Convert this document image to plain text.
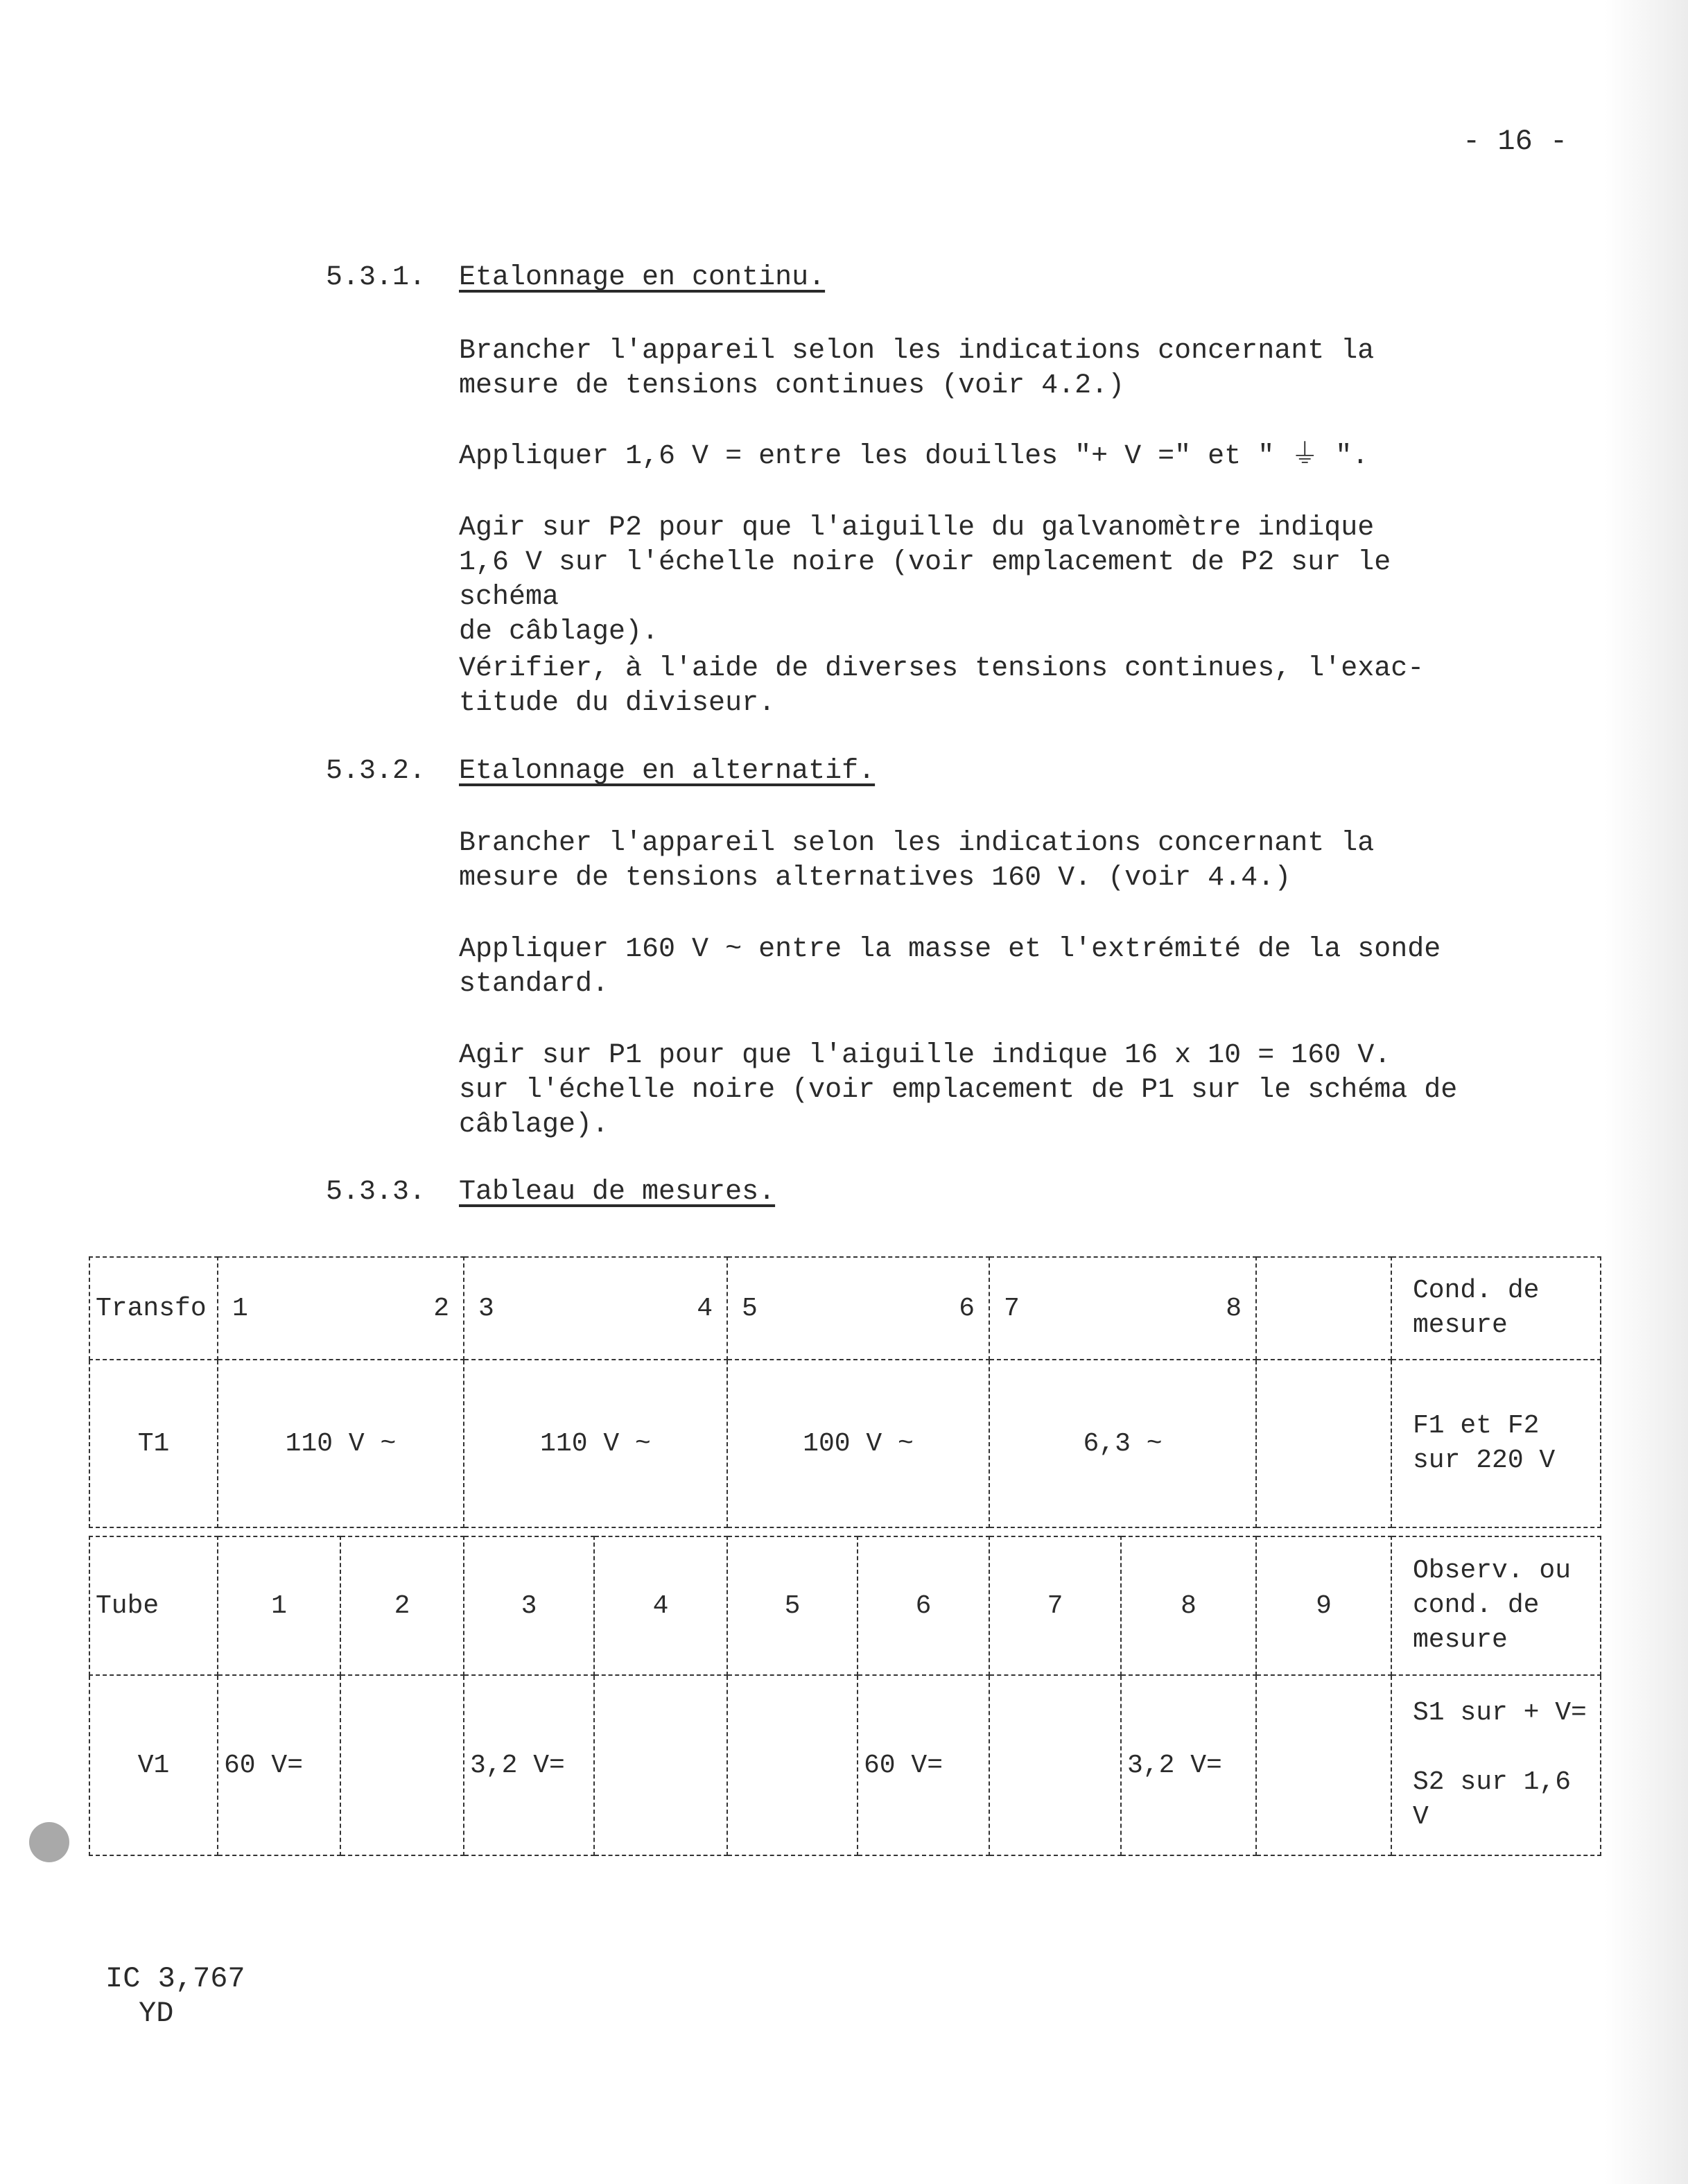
- 16 -
5.3.1. Etalonnage en continu.
Brancher l'appareil selon les indications concernant la
mesure de tensions continues (voir 4.2.)
Appliquer 1,6 V = entre les douilles "+ V =" et " ⏚ ".
Agir sur P2 pour que l'aiguille du galvanomètre indique
1,6 V sur l'échelle noire (voir emplacement de P2 sur le schéma
de câblage).
Vérifier, à l'aide de diverses tensions continues, l'exac-
titude du diviseur.
5.3.2. Etalonnage en alternatif.
Brancher l'appareil selon les indications concernant la
mesure de tensions alternatives 160 V. (voir 4.4.)
Appliquer 160 V ~ entre la masse et l'extrémité de la sonde
standard.
Agir sur P1 pour que l'aiguille indique 16 x 10 = 160 V.
sur l'échelle noire (voir emplacement de P1 sur le schéma de
câblage).
5.3.3. Tableau de mesures.
Transfo	1 2	3 4	5 6	7 8		Cond. de
mesure
T1	110 V ~	110 V ~	100 V ~	6,3 ~		F1 et F2
sur 220 V
Tube	1	2	3	4	5	6	7	8	9	Observ. ou
cond. de
mesure
V1	60 V=		3,2 V=			60 V=		3,2 V=		S1 sur + V=

S2 sur 1,6 V
IC 3,767
YD
